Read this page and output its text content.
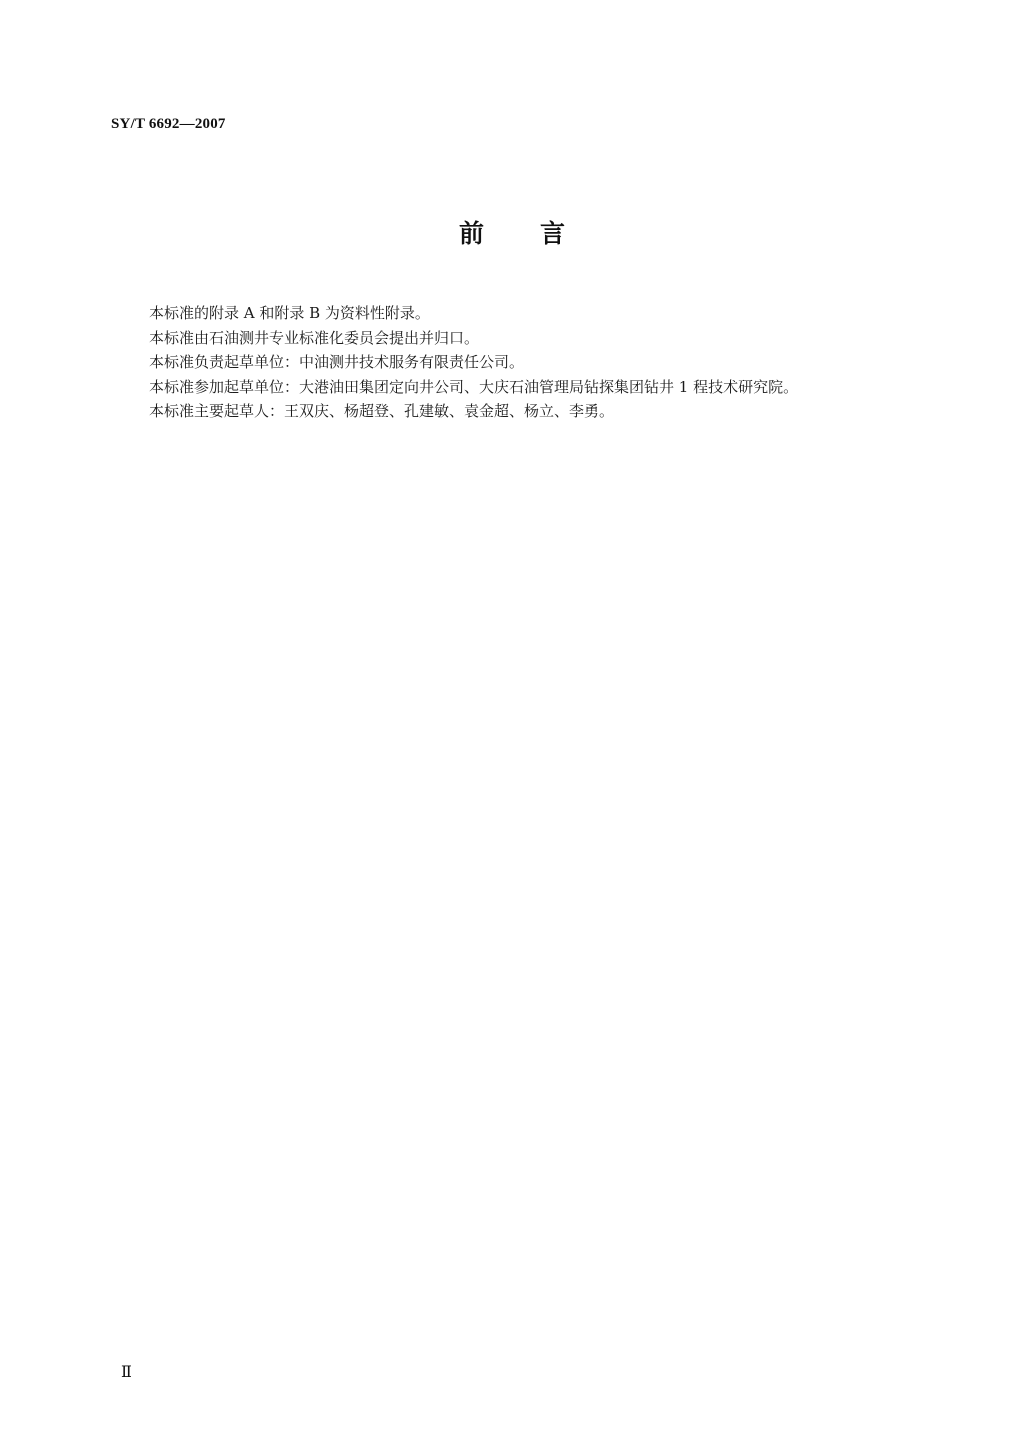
SY/T 6692—2007
前言

本标准的附录 A 和附录 B 为资料性附录。

本标准由石油测井专业标准化委员会提出并归口。

本标准负责起草单位：中油测井技术服务有限责任公司。

本标准参加起草单位：大港油田集团定向井公司、大庆石油管理局钻探集团钻井 1 程技术研究院。

本标准主要起草人：王双庆、杨超登、孔建敏、袁金超、杨立、李勇。

Ⅱ
